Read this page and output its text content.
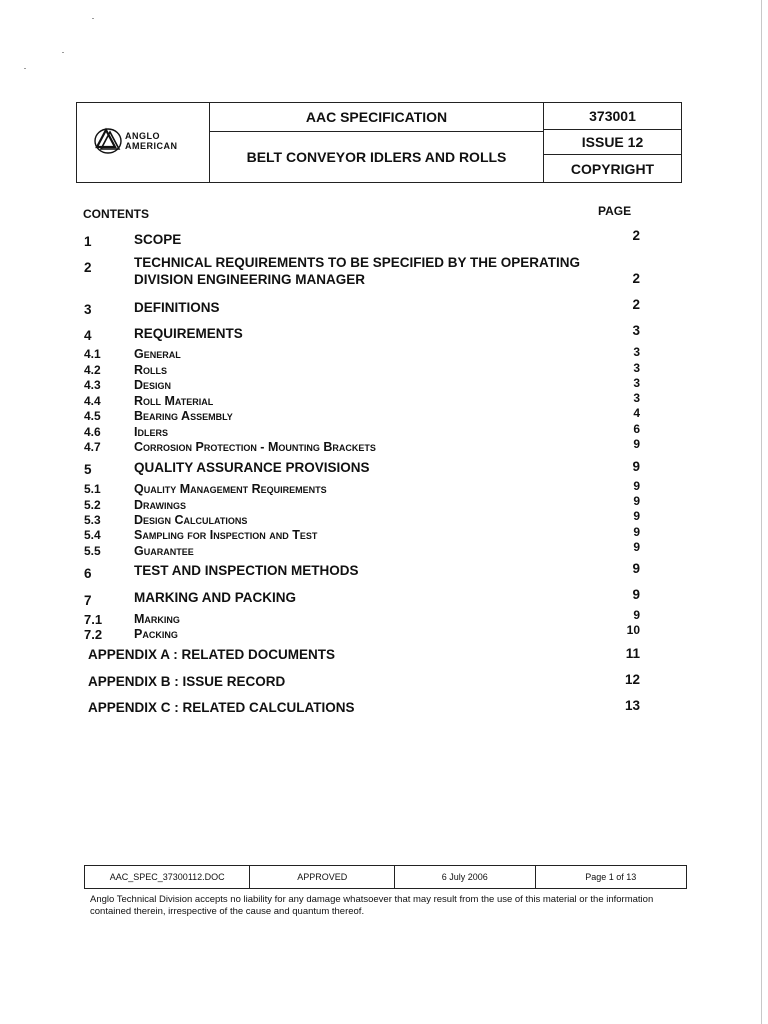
ANGLO
AMERICAN
AAC SPECIFICATION
BELT CONVEYOR IDLERS AND ROLLS
373001
ISSUE 12
COPYRIGHT
CONTENTS	PAGE
1	SCOPE	2
2	TECHNICAL REQUIREMENTS TO BE SPECIFIED BY THE OPERATING
DIVISION ENGINEERING MANAGER	2
3	DEFINITIONS	2
4	REQUIREMENTS	3
4.1	General	3
4.2	Rolls	3
4.3	Design	3
4.4	Roll Material	3
4.5	Bearing Assembly	4
4.6	Idlers	6
4.7	Corrosion Protection - Mounting Brackets	9
5	QUALITY ASSURANCE PROVISIONS	9
5.1	Quality Management Requirements	9
5.2	Drawings	9
5.3	Design Calculations	9
5.4	Sampling for Inspection and Test	9
5.5	Guarantee	9
6	TEST AND INSPECTION METHODS	9
7	MARKING AND PACKING	9
7.1	Marking	9
7.2	Packing	10
APPENDIX A : RELATED DOCUMENTS	11
APPENDIX B : ISSUE RECORD	12
APPENDIX C : RELATED CALCULATIONS	13
AAC_SPEC_37300112.DOC	APPROVED	6 July 2006	Page 1 of 13
Anglo Technical Division accepts no liability for any damage whatsoever that may result from the use of this material or the information contained therein, irrespective of the cause and quantum thereof.
